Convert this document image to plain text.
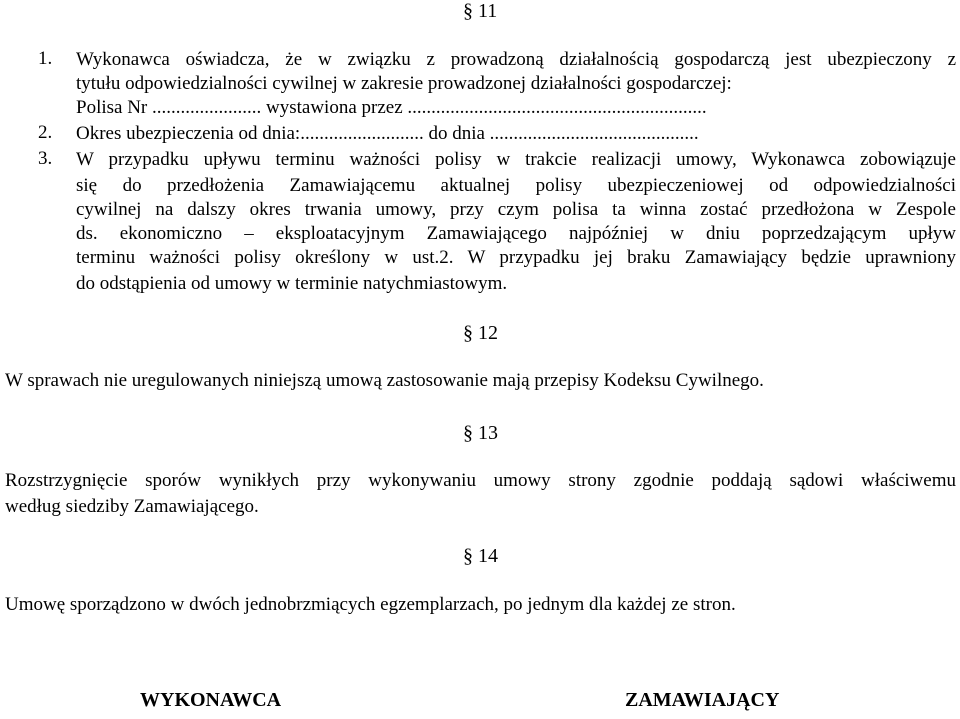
§ 11
1. Wykonawca oświadcza, że w związku z prowadzoną działalnością gospodarczą jest ubezpieczony z
tytułu odpowiedzialności cywilnej w zakresie prowadzonej działalności gospodarczej:
Polisa Nr ....................... wystawiona przez ...............................................................
2. Okres ubezpieczenia od dnia:.......................... do dnia ............................................
3. W przypadku upływu terminu ważności polisy w trakcie realizacji umowy, Wykonawca zobowiązuje
się do przedłożenia Zamawiającemu aktualnej polisy ubezpieczeniowej od odpowiedzialności
cywilnej na dalszy okres trwania umowy, przy czym polisa ta winna zostać przedłożona w Zespole
ds. ekonomiczno – eksploatacyjnym Zamawiającego najpóźniej w dniu poprzedzającym upływ
terminu ważności polisy określony w ust.2. W przypadku jej braku Zamawiający będzie uprawniony
do odstąpienia od umowy w terminie natychmiastowym.
§ 12
W sprawach nie uregulowanych niniejszą umową zastosowanie mają przepisy Kodeksu Cywilnego.
§ 13
Rozstrzygnięcie sporów wynikłych przy wykonywaniu umowy strony zgodnie poddają sądowi właściwemu
według siedziby Zamawiającego.
§ 14
Umowę sporządzono w dwóch jednobrzmiących egzemplarzach, po jednym dla każdej ze stron.
WYKONAWCA	ZAMAWIAJĄCY
